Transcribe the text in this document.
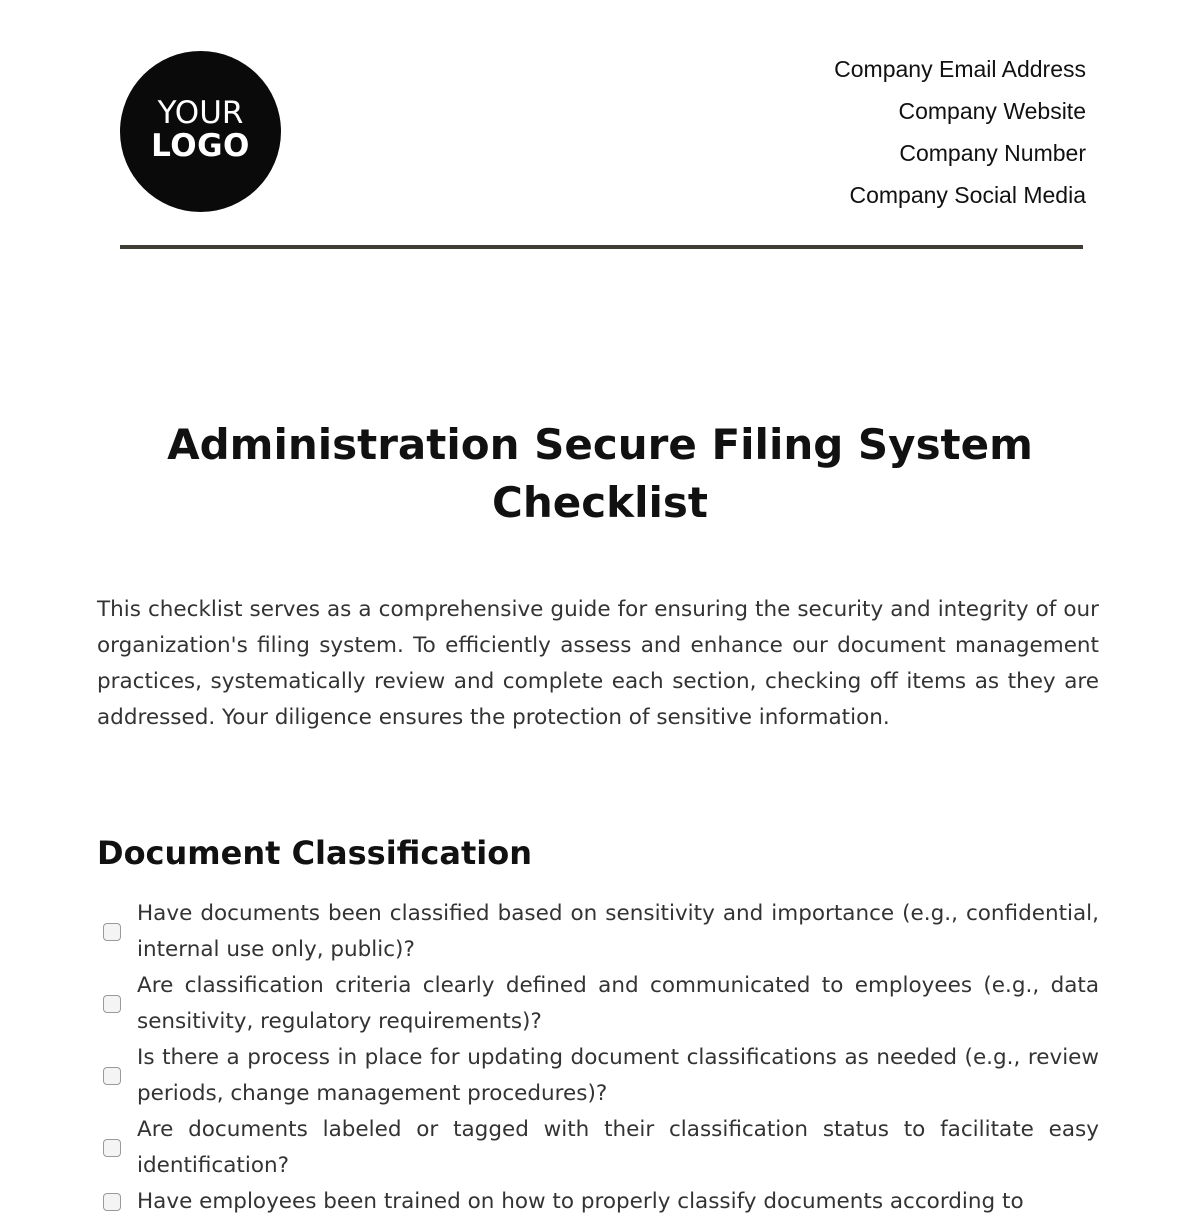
YOUR
LOGO
Company Email Address
Company Website
Company Number
Company Social Media
Administration Secure Filing System Checklist

This checklist serves as a comprehensive guide for ensuring the security and integrity of our organization's filing system. To efficiently assess and enhance our document management practices, systematically review and complete each section, checking off items as they are addressed. Your diligence ensures the protection of sensitive information.

Document Classification
Have documents been classified based on sensitivity and importance (e.g., confidential, internal use only, public)?
Are classification criteria clearly defined and communicated to employees (e.g., data sensitivity, regulatory requirements)?
Is there a process in place for updating document classifications as needed (e.g., review periods, change management procedures)?
Are documents labeled or tagged with their classification status to facilitate easy identification?
Have employees been trained on how to properly classify documents according to
